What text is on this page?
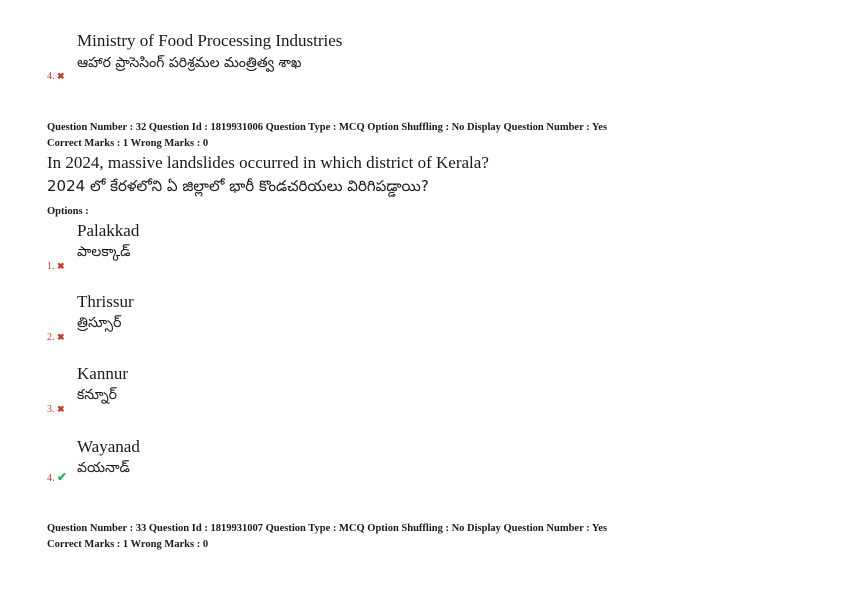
Ministry of Food Processing Industries
ఆహార ప్రాసెసింగ్ పరిశ్రమల మంత్రిత్వ శాఖ
4. ✖
Question Number : 32 Question Id : 1819931006 Question Type : MCQ Option Shuffling : No Display Question Number : Yes
Correct Marks : 1 Wrong Marks : 0
In 2024, massive landslides occurred in which district of Kerala?
2024 లో కేరళలోని ఏ జిల్లాలో భారీ కొండచరియలు విరిగిపడ్డాయి?
Options :
Palakkad
పాలక్కాడ్
1. ✖
Thrissur
త్రిస్సూర్
2. ✖
Kannur
కన్నూర్
3. ✖
Wayanad
వయనాడ్
4. ✔
Question Number : 33 Question Id : 1819931007 Question Type : MCQ Option Shuffling : No Display Question Number : Yes
Correct Marks : 1 Wrong Marks : 0
